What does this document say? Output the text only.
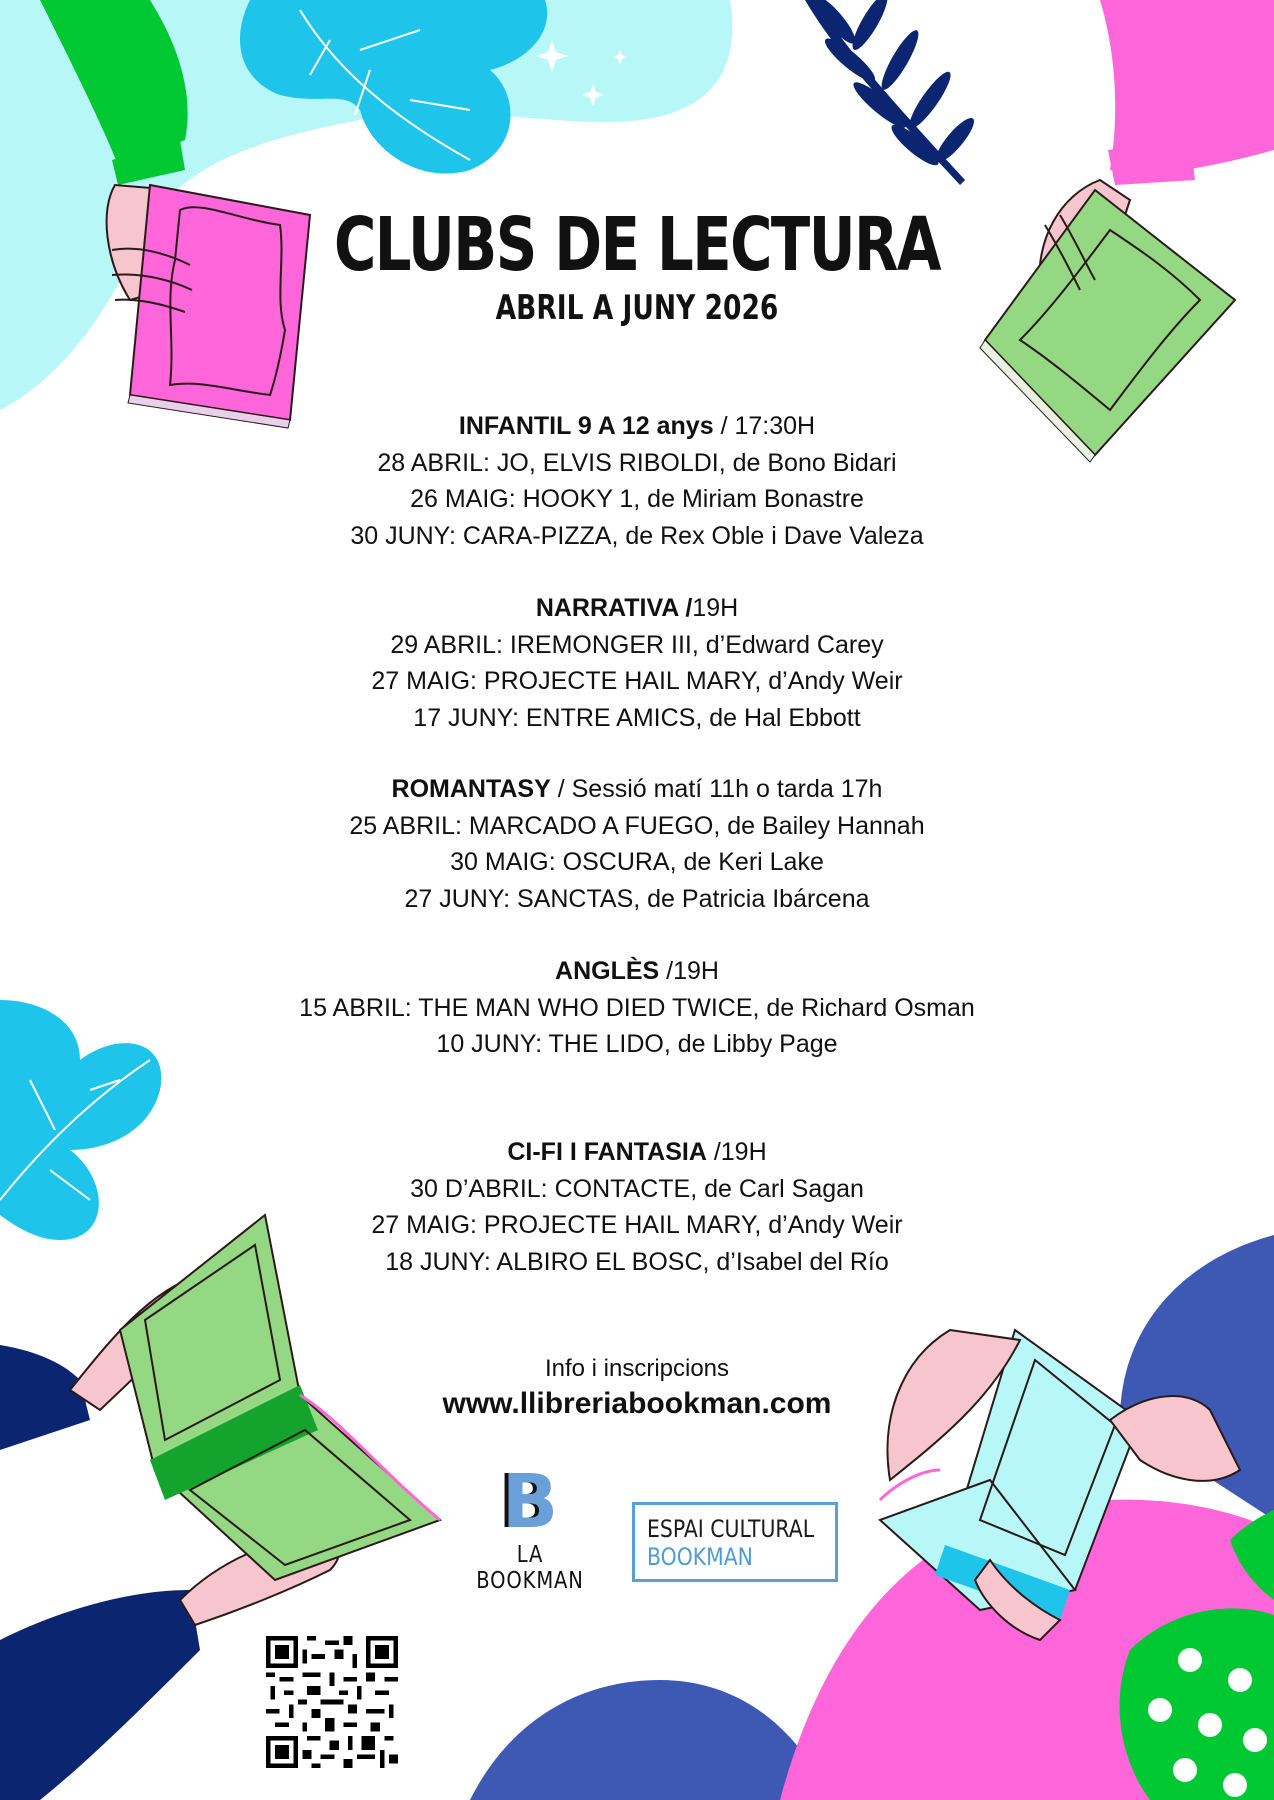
CLUBS DE LECTURA
ABRIL A JUNY 2026
INFANTIL 9 A 12 anys / 17:30H
28 ABRIL: JO, ELVIS RIBOLDI, de Bono Bidari
26 MAIG: HOOKY 1, de Miriam Bonastre
30 JUNY: CARA-PIZZA, de Rex Oble i Dave Valeza
NARRATIVA /19H
29 ABRIL: IREMONGER III, d’Edward Carey
27 MAIG: PROJECTE HAIL MARY, d’Andy Weir
17 JUNY: ENTRE AMICS, de Hal Ebbott
ROMANTASY / Sessió matí 11h o tarda 17h
25 ABRIL: MARCADO A FUEGO, de Bailey Hannah
30 MAIG: OSCURA, de Keri Lake
27 JUNY: SANCTAS, de Patricia Ibárcena
ANGLÈS /19H
15 ABRIL: THE MAN WHO DIED TWICE, de Richard Osman
10 JUNY: THE LIDO, de Libby Page
CI-FI I FANTASIA /19H
30 D’ABRIL: CONTACTE, de Carl Sagan
27 MAIG: PROJECTE HAIL MARY, d’Andy Weir
18 JUNY: ALBIRO EL BOSC, d’Isabel del Río
Info i inscripcions
www.llibreriabookman.com
B
LA BOOKMAN
ESPAI CULTURAL
BOOKMAN
